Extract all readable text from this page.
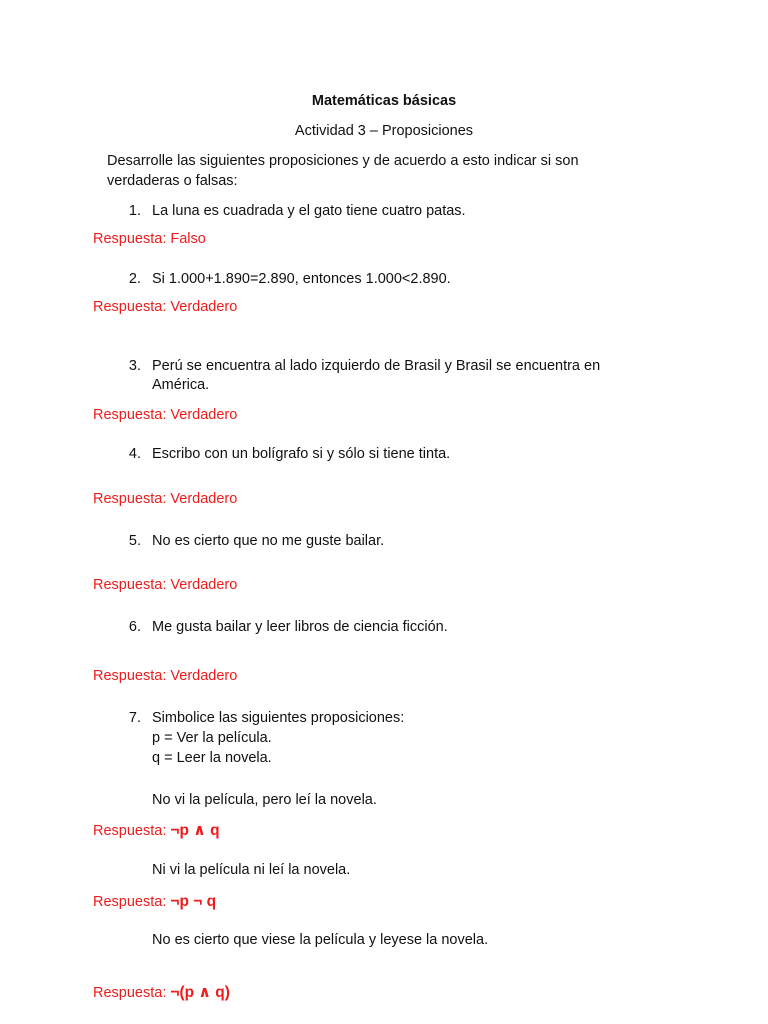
Matemáticas básicas
Actividad 3 – Proposiciones
Desarrolle las siguientes proposiciones y de acuerdo a esto indicar si son
verdaderas o falsas:
1. La luna es cuadrada y el gato tiene cuatro patas.
Respuesta: Falso
2. Si 1.000+1.890=2.890, entonces 1.000<2.890.
Respuesta: Verdadero
3. Perú se encuentra al lado izquierdo de Brasil y Brasil se encuentra en
América.
Respuesta: Verdadero
4. Escribo con un bolígrafo si y sólo si tiene tinta.
Respuesta: Verdadero
5. No es cierto que no me guste bailar.
Respuesta: Verdadero
6. Me gusta bailar y leer libros de ciencia ficción.
Respuesta: Verdadero
7. Simbolice las siguientes proposiciones:
p = Ver la película.
q = Leer la novela.
No vi la película, pero leí la novela.
Respuesta: ¬p ∧ q
Ni vi la película ni leí la novela.
Respuesta: ¬p ¬ q
No es cierto que viese la película y leyese la novela.
Respuesta: ¬(p ∧ q)
